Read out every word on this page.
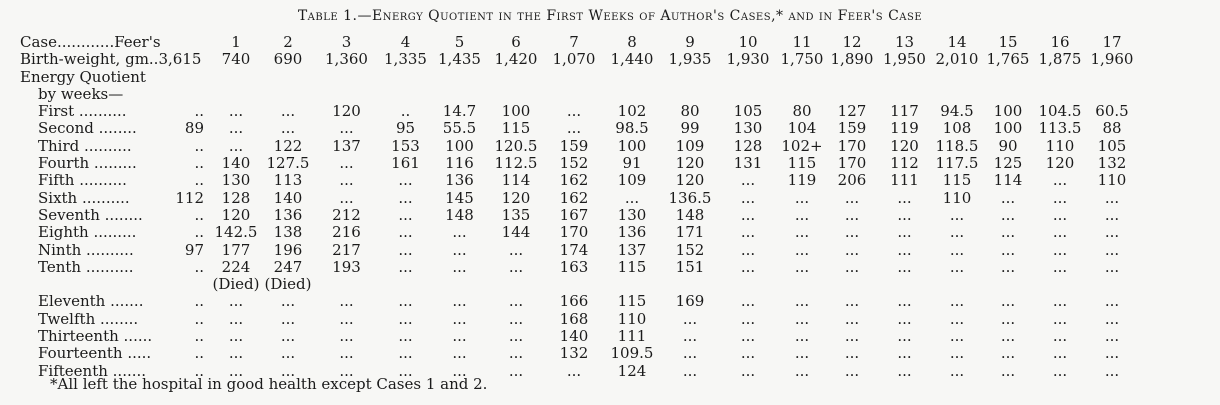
Table 1.—Energy Quotient in the First Weeks of Author's Cases,* and in Feer's Case
Case............Feer's	1	2	3	4	5	6	7	8	9	10	11	12	13	14	15	16	17
Birth-weight, gm..3,615	740	690	1,360	1,335	1,435	1,420	1,070	1,440	1,935	1,930	1,750	1,890	1,950	2,010	1,765	1,875	1,960
Energy Quotient																	
by weeks—																	
First .......... ..	...	...	120	..	14.7	100	...	102	80	105	80	127	117	94.5	100	104.5	60.5
Second ........ 89	...	...	...	95	55.5	115	...	98.5	99	130	104	159	119	108	100	113.5	88
Third .......... ..	...	122	137	153	100	120.5	159	100	109	128	102+	170	120	118.5	90	110	105
Fourth ......... ..	140	127.5	...	161	116	112.5	152	91	120	131	115	170	112	117.5	125	120	132
Fifth .......... ..	130	113	...	...	136	114	162	109	120	...	119	206	111	115	114	...	110
Sixth .......... 112	128	140	...	...	145	120	162	...	136.5	...	...	...	...	110	...	...	...
Seventh ........ ..	120	136	212	...	148	135	167	130	148	...	...	...	...	...	...	...	...
Eighth ......... ..	142.5	138	216	...	...	144	170	136	171	...	...	...	...	...	...	...	...
Ninth .......... 97	177	196	217	...	...	...	174	137	152	...	...	...	...	...	...	...	...
Tenth .......... ..	224	247	193	...	...	...	163	115	151	...	...	...	...	...	...	...	...

	(Died)	(Died)															
Eleventh ....... ..	...	...	...	...	...	...	166	115	169	...	...	...	...	...	...	...	...
Twelfth ........ ..	...	...	...	...	...	...	168	110	...	...	...	...	...	...	...	...	...
Thirteenth ...... ..	...	...	...	...	...	...	140	111	...	...	...	...	...	...	...	...	...
Fourteenth ..... ..	...	...	...	...	...	...	132	109.5	...	...	...	...	...	...	...	...	...
Fifteenth ....... ..	...	...	...	...	...	...	...	124	...	...	...	...	...	...	...	...	...
*All left the hospital in good health except Cases 1 and 2.
